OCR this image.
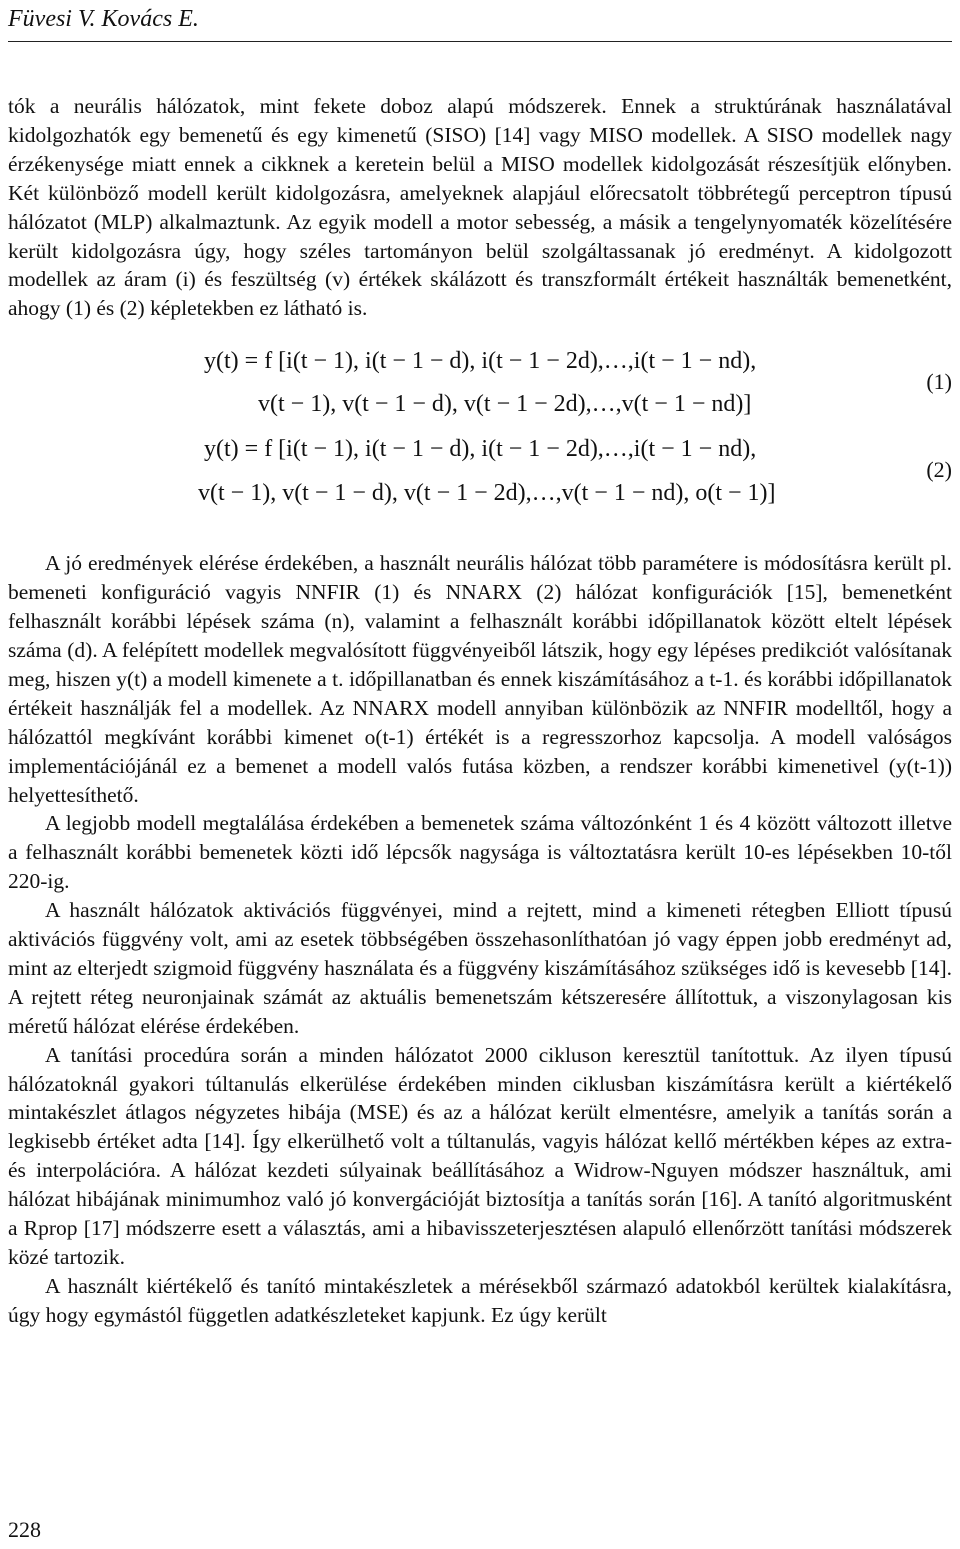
Füvesi V. Kovács E.

tók a neurális hálózatok, mint fekete doboz alapú módszerek. Ennek a struktúrának használatával kidolgozhatók egy bemenetű és egy kimenetű (SISO) [14] vagy MISO modellek. A SISO modellek nagy érzékenysége miatt ennek a cikknek a keretein belül a MISO modellek kidolgozását részesítjük előnyben. Két különböző modell került kidolgozásra, amelyeknek alapjául előrecsatolt többrétegű perceptron típusú hálózatot (MLP) alkalmaztunk. Az egyik modell a motor sebesség, a másik a tengelynyomaték közelítésére került kidolgozásra úgy, hogy széles tartományon belül szolgáltassanak jó eredményt. A kidolgozott modellek az áram (i) és feszültség (v) értékek skálázott és transzformált értékeit használták bemenetként, ahogy (1) és (2) képletekben ez látható is.

y(t) = f [i(t − 1), i(t − 1 − d), i(t − 1 − 2d),…,i(t − 1 − nd),
v(t − 1), v(t − 1 − d), v(t − 1 − 2d),…,v(t − 1 − nd)]
(1)
y(t) = f [i(t − 1), i(t − 1 − d), i(t − 1 − 2d),…,i(t − 1 − nd),
v(t − 1), v(t − 1 − d), v(t − 1 − 2d),…,v(t − 1 − nd), o(t − 1)]
(2)

A jó eredmények elérése érdekében, a használt neurális hálózat több paramétere is módosításra került pl. bemeneti konfiguráció vagyis NNFIR (1) és NNARX (2) hálózat konfigurációk [15], bemenetként felhasznált korábbi lépések száma (n), valamint a felhasznált korábbi időpillanatok között eltelt lépések száma (d). A felépített modellek megvalósított függvényeiből látszik, hogy egy lépéses predikciót valósítanak meg, hiszen y(t) a modell kimenete a t. időpillanatban és ennek kiszámításához a t-1. és korábbi időpillanatok értékeit használják fel a modellek. Az NNARX modell annyiban különbözik az NNFIR modelltől, hogy a hálózattól megkívánt korábbi kimenet o(t-1) értékét is a regresszorhoz kapcsolja. A modell valóságos implementációjánál ez a bemenet a modell valós futása közben, a rendszer korábbi kimenetivel (y(t-1)) helyettesíthető.

A legjobb modell megtalálása érdekében a bemenetek száma változónként 1 és 4 között változott illetve a felhasznált korábbi bemenetek közti idő lépcsők nagysága is változtatásra került 10-es lépésekben 10-től 220-ig.

A használt hálózatok aktivációs függvényei, mind a rejtett, mind a kimeneti rétegben Elliott típusú aktivációs függvény volt, ami az esetek többségében összehasonlíthatóan jó vagy éppen jobb eredményt ad, mint az elterjedt szigmoid függvény használata és a függvény kiszámításához szükséges idő is kevesebb [14]. A rejtett réteg neuronjainak számát az aktuális bemenetszám kétszeresére állítottuk, a viszonylagosan kis méretű hálózat elérése érdekében.

A tanítási procedúra során a minden hálózatot 2000 cikluson keresztül tanítottuk. Az ilyen típusú hálózatoknál gyakori túltanulás elkerülése érdekében minden ciklusban kiszámításra került a kiértékelő mintakészlet átlagos négyzetes hibája (MSE) és az a hálózat került elmentésre, amelyik a tanítás során a legkisebb értéket adta [14]. Így elkerülhető volt a túltanulás, vagyis hálózat kellő mértékben képes az extra- és interpolációra. A hálózat kezdeti súlyainak beállításához a Widrow-Nguyen módszer használtuk, ami hálózat hibájának minimumhoz való jó konvergációját biztosítja a tanítás során [16]. A tanító algoritmusként a Rprop [17] módszerre esett a választás, ami a hibavisszeterjesztésen alapuló ellenőrzött tanítási módszerek közé tartozik.

A használt kiértékelő és tanító mintakészletek a mérésekből származó adatokból kerültek kialakításra, úgy hogy egymástól független adatkészleteket kapjunk. Ez úgy került

228
